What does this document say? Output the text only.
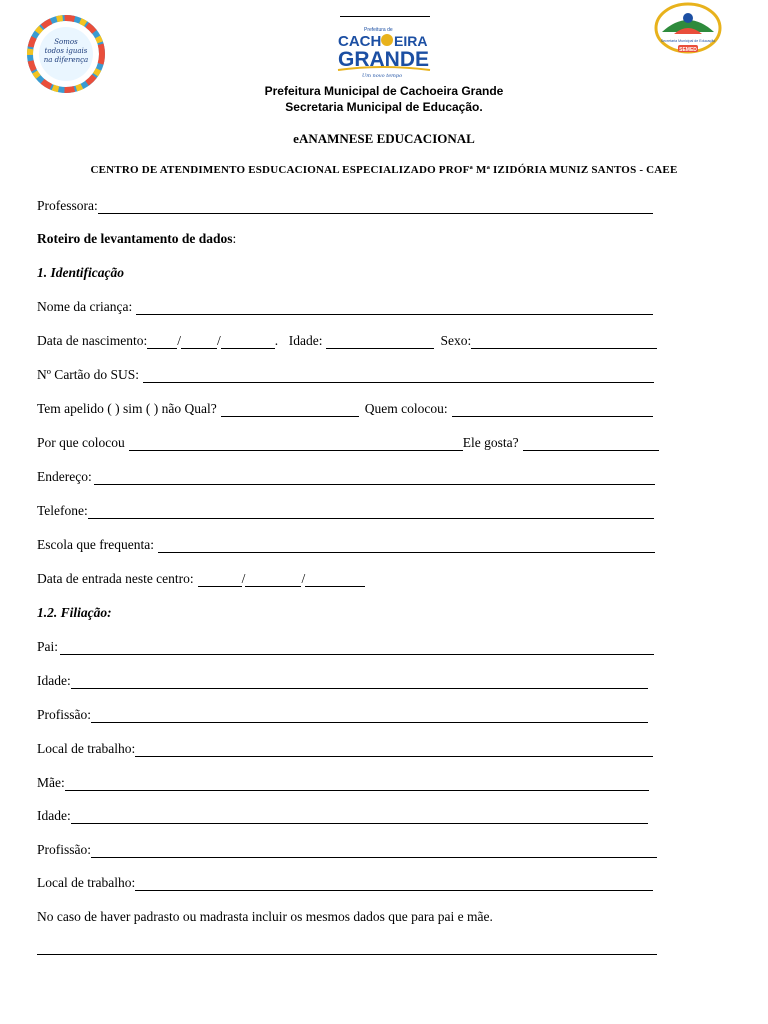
Somos
todos iguais
na diferença
Prefeitura de
CACH EIRA
GRANDE
Um novo tempo
Secretaria Municipal de Educação
SEMED
Prefeitura Municipal de Cachoeira Grande
Secretaria Municipal de Educação.
eANAMNESE EDUCACIONAL
CENTRO DE ATENDIMENTO ESDUCACIONAL ESPECIALIZADO PROFª Mª IZIDÓRIA MUNIZ SANTOS - CAEE
Professora:
Roteiro de levantamento de dados :
1. Identificação
Nome da criança:
Data de nascimento: /	/	. Idade:	Sexo:
Nº Cartão do SUS:
Tem apelido ( ) sim ( ) não Qual?	Quem colocou:
Por que colocou	Ele gosta?
Endereço:
Telefone:
Escola que frequenta:
Data de entrada neste centro:	/	/
1.2. Filiação:
Pai:
Idade:
Profissão:
Local de trabalho:
Mãe:
Idade:
Profissão:
Local de trabalho:
No caso de haver padrasto ou madrasta incluir os mesmos dados que para pai e mãe.
